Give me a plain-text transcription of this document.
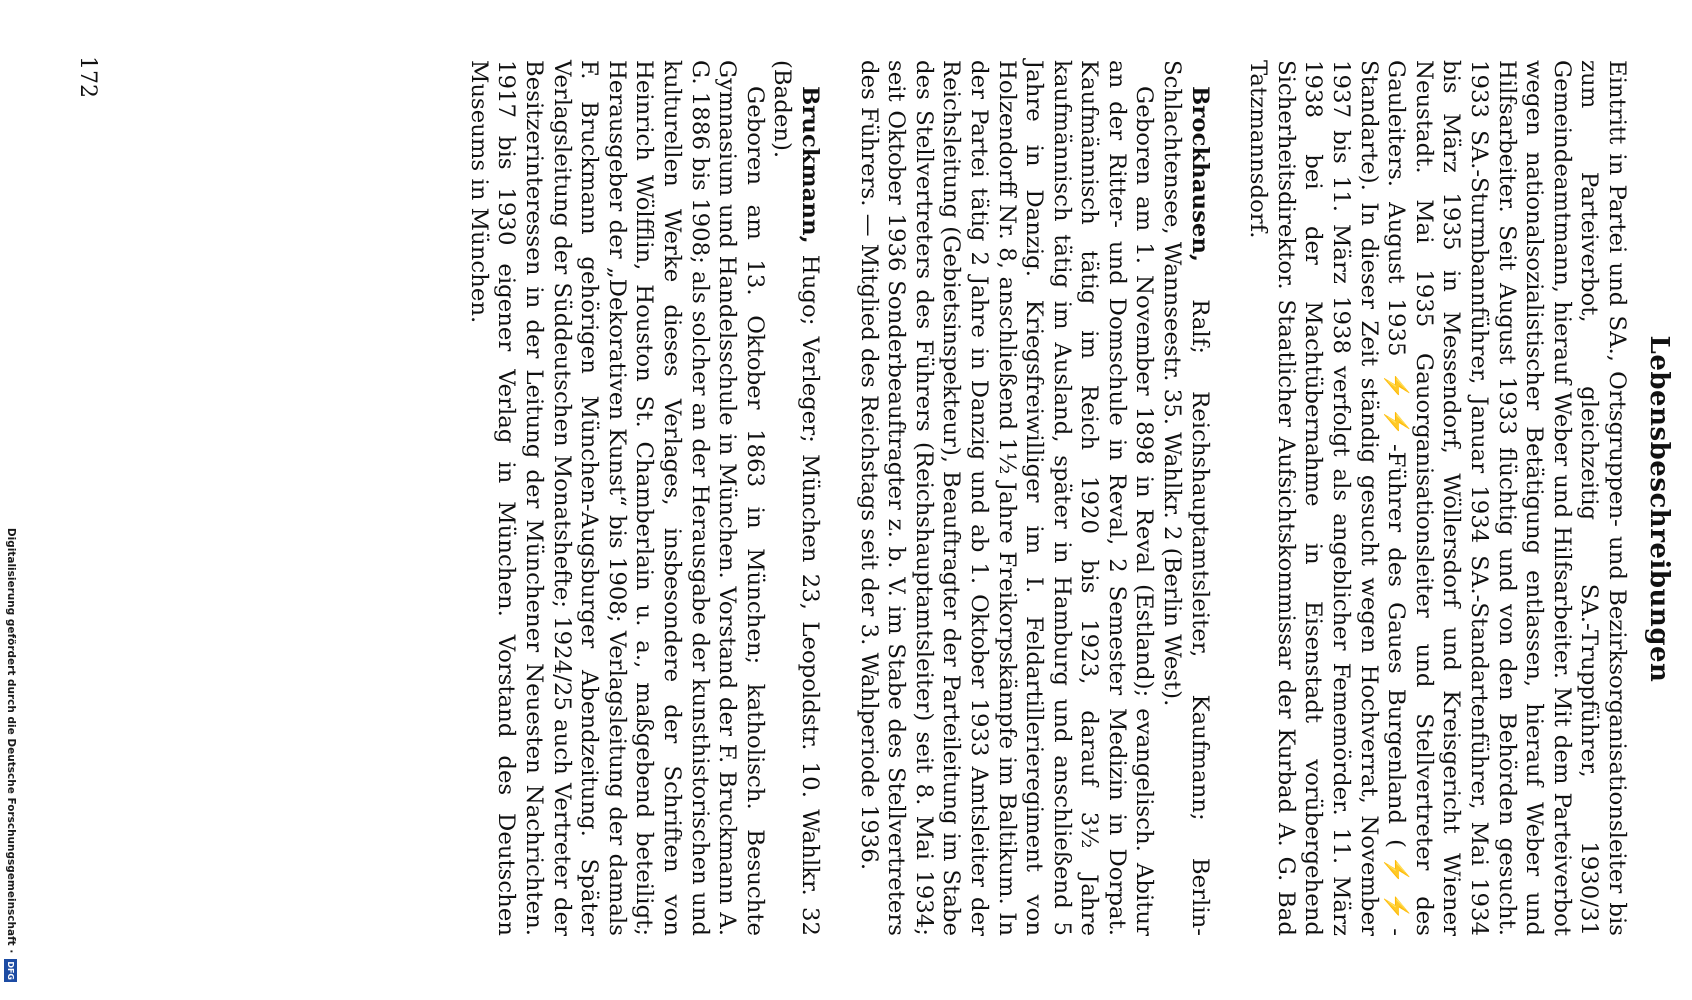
Lebensbeschreibungen

Eintritt in Partei und SA., Ortsgruppen- und Bezirksorganisationsleiter bis zum Parteiverbot, gleichzeitig SA.-Truppführer, 1930/31 Gemeindeamtmann, hierauf Weber und Hilfsarbeiter. Mit dem Parteiverbot wegen nationalsozialistischer Betätigung entlassen, hierauf Weber und Hilfsarbeiter. Seit August 1933 flüchtig und von den Behörden gesucht. 1933 SA.-Sturmbannführer, Januar 1934 SA.-Standartenführer, Mai 1934 bis März 1935 in Messendorf, Wöllersdorf und Kreisgericht Wiener Neustadt. Mai 1935 Gauorganisationsleiter und Stellvertreter des Gauleiters. August 1935 ⚡⚡-Führer des Gaues Burgenland (⚡⚡-Standarte). In dieser Zeit ständig gesucht wegen Hochverrat, November 1937 bis 11. März 1938 verfolgt als angeblicher Fememörder. 11. März 1938 bei der Machtübernahme in Eisenstadt vorübergehend Sicherheitsdirektor. Staatlicher Aufsichtskommissar der Kurbad A. G. Bad Tatzmannsdorf.

Brockhausen, Ralf; Reichshauptamtsleiter, Kaufmann; Berlin-Schlachtensee, Wannseestr. 35. Wahlkr. 2 (Berlin West).

Geboren am 1. November 1898 in Reval (Estland); evangelisch. Abitur an der Ritter- und Domschule in Reval, 2 Semester Medizin in Dorpat. Kaufmännisch tätig im Reich 1920 bis 1923, darauf 3½ Jahre kaufmännisch tätig im Ausland, später in Hamburg und anschließend 5 Jahre in Danzig. Kriegsfreiwilliger im I. Feldartillerieregiment von Holzendorff Nr. 8, anschließend 1½ Jahre Freikorpskämpfe im Baltikum. In der Partei tätig 2 Jahre in Danzig und ab 1. Oktober 1933 Amtsleiter der Reichsleitung (Gebietsinspekteur), Beauftragter der Parteileitung im Stabe des Stellvertreters des Führers (Reichshauptamtsleiter) seit 8. Mai 1934; seit Oktober 1936 Sonderbeauftragter z. b. V. im Stabe des Stellvertreters des Führers. — Mitglied des Reichstags seit der 3. Wahlperiode 1936.

Bruckmann, Hugo; Verleger; München 23, Leopoldstr. 10. Wahlkr. 32 (Baden).

Geboren am 13. Oktober 1863 in München; katholisch. Besuchte Gymnasium und Handelsschule in München. Vorstand der F. Bruckmann A. G. 1886 bis 1908; als solcher an der Herausgabe der kunsthistorischen und kulturellen Werke dieses Verlages, insbesondere der Schriften von Heinrich Wölfflin, Houston St. Chamberlain u. a., maßgebend beteiligt; Herausgeber der „Dekorativen Kunst“ bis 1908; Verlagsleitung der damals F. Bruckmann gehörigen München-Augsburger Abendzeitung. Später Verlagsleitung der Süddeutschen Monatshefte; 1924/25 auch Vertreter der Besitzerinteressen in der Leitung der Münchener Neuesten Nachrichten. 1917 bis 1930 eigener Verlag in München. Vorstand des Deutschen Museums in München.

172
Digitalisierung gefördert durch die Deutsche Forschungsgemeinschaft ·
DFG
